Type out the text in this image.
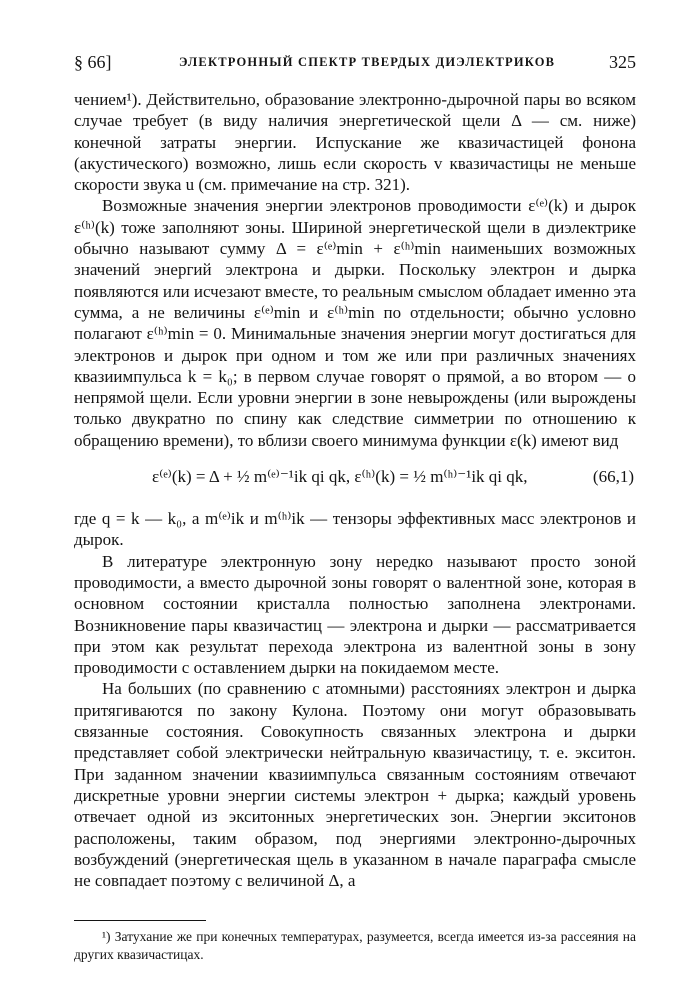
§ 66]	ЭЛЕКТРОННЫЙ СПЕКТР ТВЕРДЫХ ДИЭЛЕКТРИКОВ	325

чением¹). Действительно, образование электронно-дырочной пары во всяком случае требует (в виду наличия энергетической щели Δ — см. ниже) конечной затраты энергии. Испускание же квазичастицей фонона (акустического) возможно, лишь если скорость v квазичастицы не меньше скорости звука u (см. примечание на стр. 321).

Возможные значения энергии электронов проводимости ε⁽ᵉ⁾(k) и дырок ε⁽ʰ⁾(k) тоже заполняют зоны. Шириной энергетической щели в диэлектрике обычно называют сумму Δ = ε⁽ᵉ⁾min + ε⁽ʰ⁾min наименьших возможных значений энергий электрона и дырки. Поскольку электрон и дырка появляются или исчезают вместе, то реальным смыслом обладает именно эта сумма, а не величины ε⁽ᵉ⁾min и ε⁽ʰ⁾min по отдельности; обычно условно полагают ε⁽ʰ⁾min = 0. Минимальные значения энергии могут достигаться для электронов и дырок при одном и том же или при различных значениях квазиимпульса k = k₀; в первом случае говорят о прямой, а во втором — о непрямой щели. Если уровни энергии в зоне невырождены (или вырождены только двукратно по спину как следствие симметрии по отношению к обращению времени), то вблизи своего минимума функции ε(k) имеют вид

ε⁽ᵉ⁾(k) = Δ + ½ m⁽ᵉ⁾⁻¹ik qi qk, ε⁽ʰ⁾(k) = ½ m⁽ʰ⁾⁻¹ik qi qk,	(66,1)

где q = k — k₀, а m⁽ᵉ⁾ik и m⁽ʰ⁾ik — тензоры эффективных масс электронов и дырок.

В литературе электронную зону нередко называют просто зоной проводимости, а вместо дырочной зоны говорят о валентной зоне, которая в основном состоянии кристалла полностью заполнена электронами. Возникновение пары квазичастиц — электрона и дырки — рассматривается при этом как результат перехода электрона из валентной зоны в зону проводимости с оставлением дырки на покидаемом месте.

На больших (по сравнению с атомными) расстояниях электрон и дырка притягиваются по закону Кулона. Поэтому они могут образовывать связанные состояния. Совокупность связанных электрона и дырки представляет собой электрически нейтральную квазичастицу, т. е. экситон. При заданном значении квазиимпульса связанным состояниям отвечают дискретные уровни энергии системы электрон + дырка; каждый уровень отвечает одной из экситонных энергетических зон. Энергии экситонов расположены, таким образом, под энергиями электронно-дырочных возбуждений (энергетическая щель в указанном в начале параграфа смысле не совпадает поэтому с величиной Δ, а

¹) Затухание же при конечных температурах, разумеется, всегда имеется из-за рассеяния на других квазичастицах.
